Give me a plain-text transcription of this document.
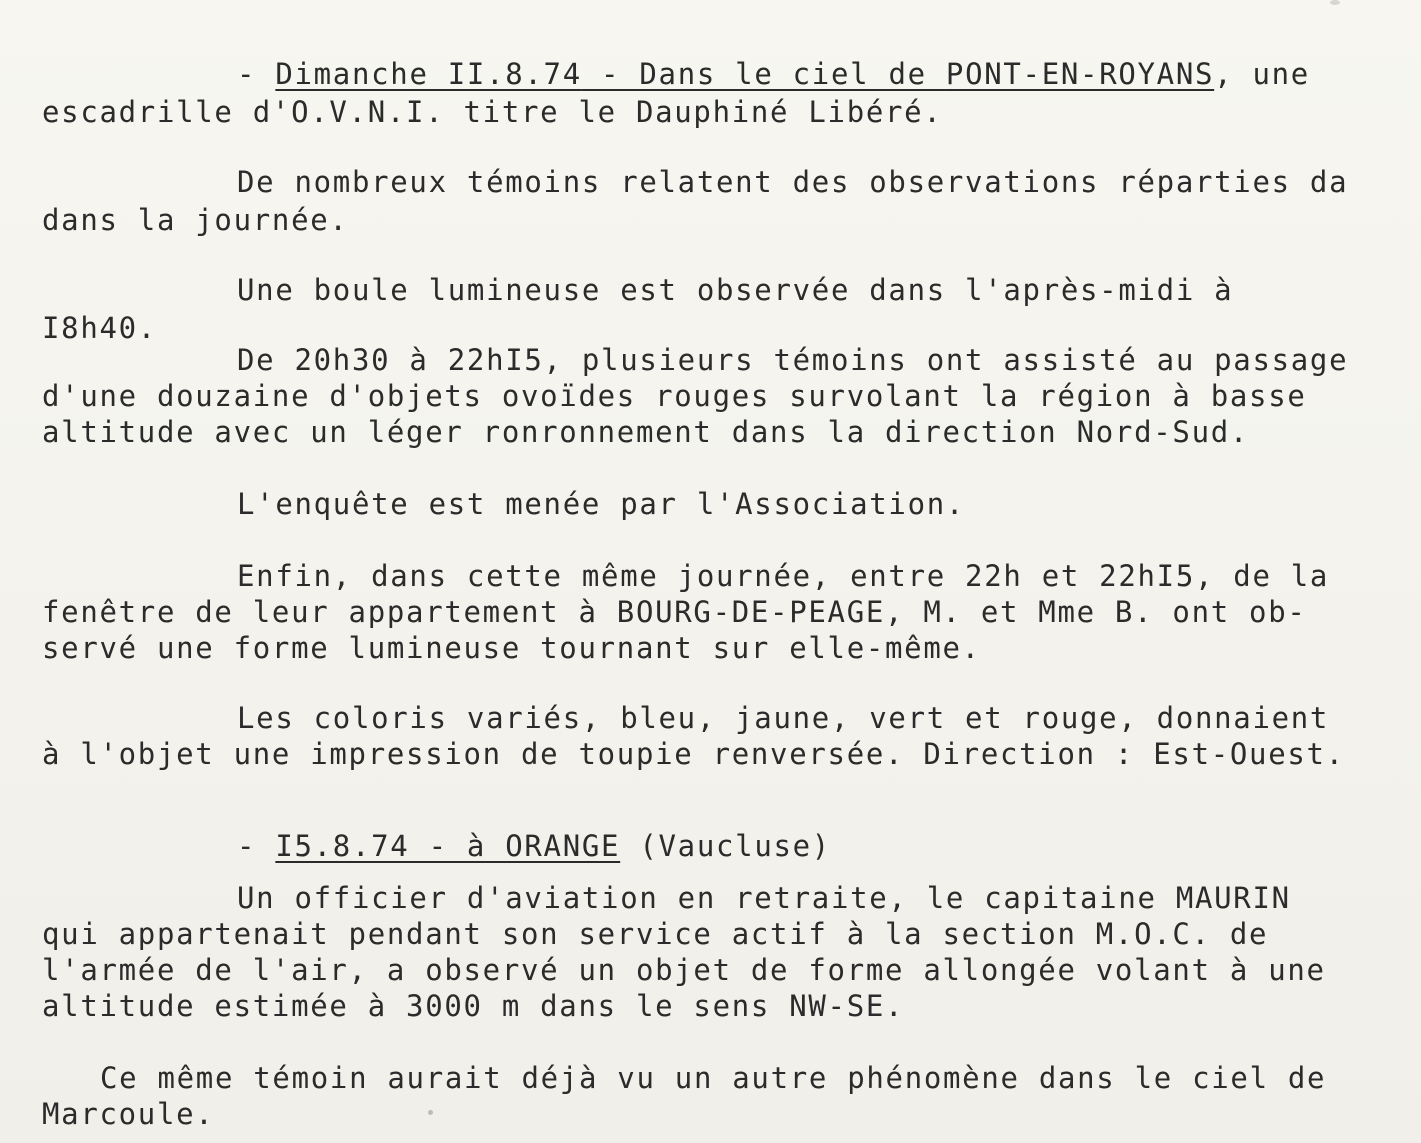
- Dimanche II.8.74 - Dans le ciel de PONT-EN-ROYANS, une
escadrille d'O.V.N.I. titre le Dauphiné Libéré.
De nombreux témoins relatent des observations réparties da
dans la journée.
Une boule lumineuse est observée dans l'après-midi à
I8h40.
De 20h30 à 22hI5, plusieurs témoins ont assisté au passage
d'une douzaine d'objets ovoïdes rouges survolant la région à basse
altitude avec un léger ronronnement dans la direction Nord-Sud.
L'enquête est menée par l'Association.
Enfin, dans cette même journée, entre 22h et 22hI5, de la
fenêtre de leur appartement à BOURG-DE-PEAGE, M. et Mme B. ont ob-
servé une forme lumineuse tournant sur elle-même.
Les coloris variés, bleu, jaune, vert et rouge, donnaient
à l'objet une impression de toupie renversée. Direction : Est-Ouest.
- I5.8.74 - à ORANGE (Vaucluse)
Un officier d'aviation en retraite, le capitaine MAURIN
qui appartenait pendant son service actif à la section M.O.C. de
l'armée de l'air, a observé un objet de forme allongée volant à une
altitude estimée à 3000 m dans le sens NW-SE.
Ce même témoin aurait déjà vu un autre phénomène dans le ciel de
Marcoule.
